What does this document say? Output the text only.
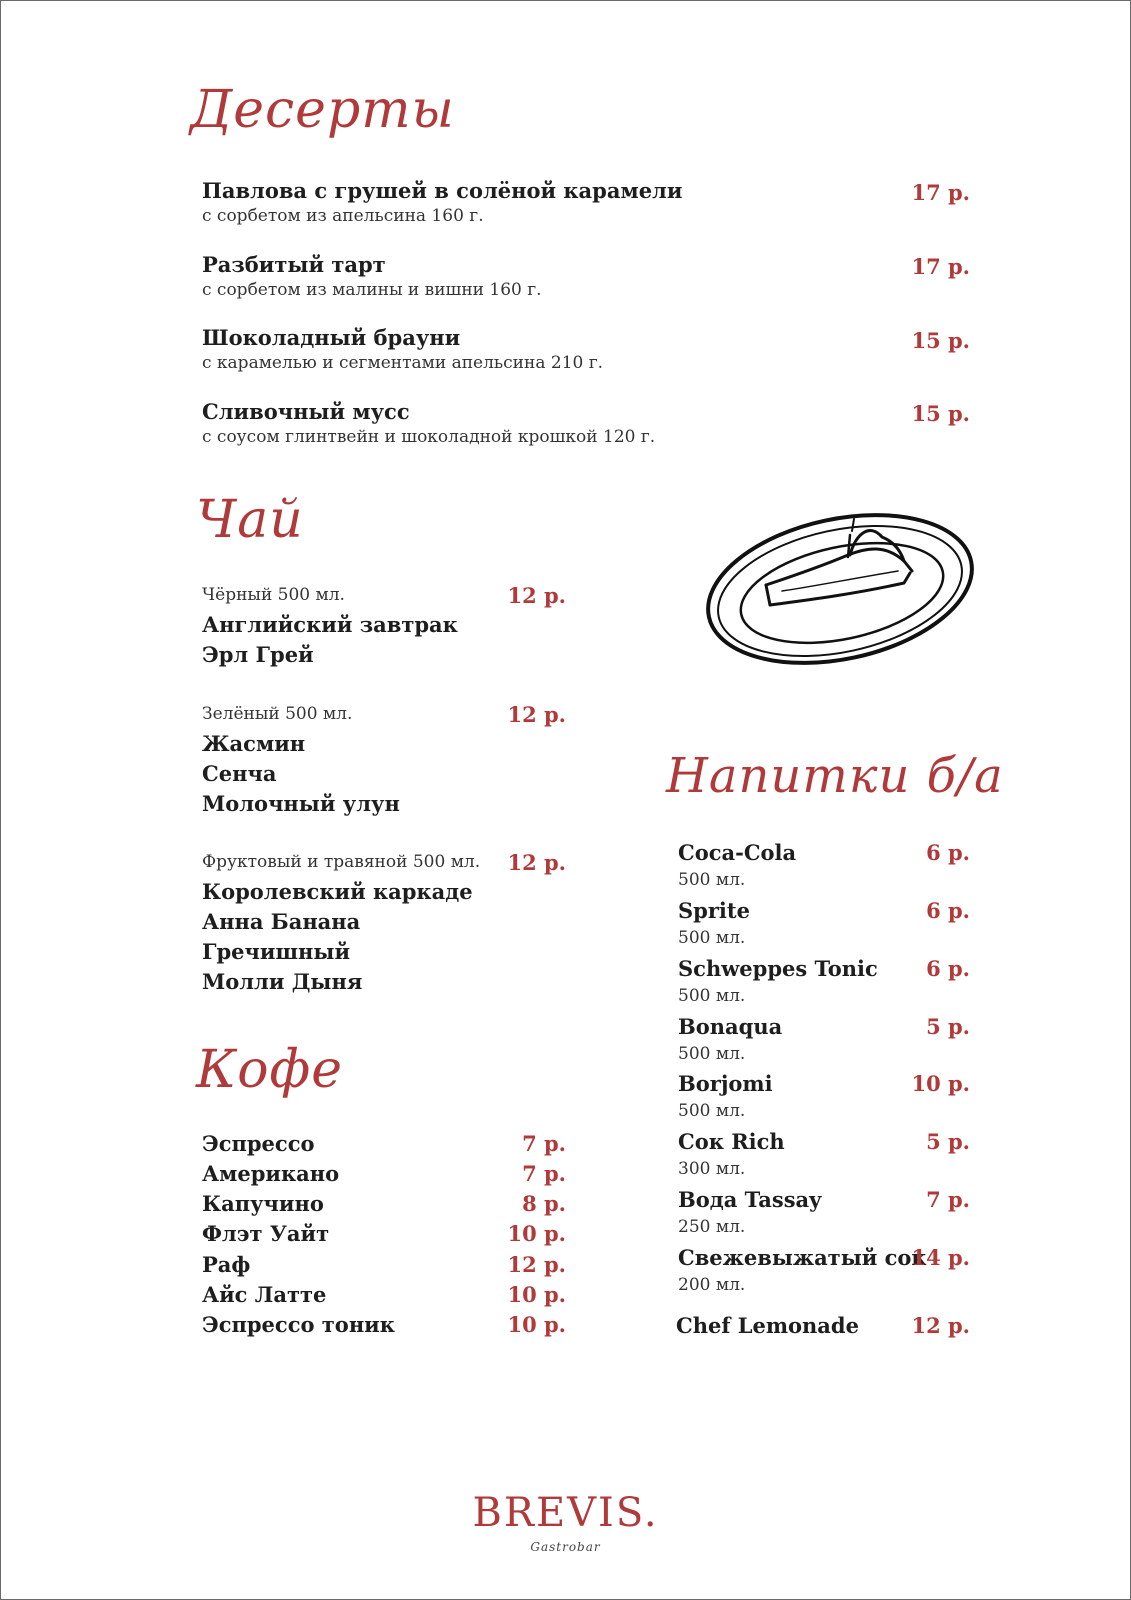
Десерты
Павлова с грушей в солёной карамели
с сорбетом из апельсина 160 г.
17 р.
Разбитый тарт
с сорбетом из малины и вишни 160 г.
17 р.
Шоколадный брауни
с карамелью и сегментами апельсина 210 г.
15 р.
Сливочный мусс
с соусом глинтвейн и шоколадной крошкой 120 г.
15 р.
Чай
Чёрный 500 мл.	12 р.
Английский завтрак
Эрл Грей
Зелёный 500 мл.	12 р.
Жасмин
Сенча
Молочный улун
Фруктовый и травяной 500 мл.	12 р.
Королевский каркаде
Анна Банана
Гречишный
Молли Дыня
Кофе
Эспрессо	7 р.
Американо	7 р.
Капучино	8 р.
Флэт Уайт	10 р.
Раф	12 р.
Айс Латте	10 р.
Эспрессо тоник	10 р.
Напитки б/а
Coca-Cola
500 мл.
6 р.
Sprite
500 мл.
6 р.
Schweppes Tonic
500 мл.
6 р.
Bonaqua
500 мл.
5 р.
Borjomi
500 мл.
10 р.
Сок Rich
300 мл.
5 р.
Вода Tassay
250 мл.
7 р.
Свежевыжатый сок
200 мл.
14 р.
Chef Lemonade	12 р.
BREVIS.
Gastrobar
